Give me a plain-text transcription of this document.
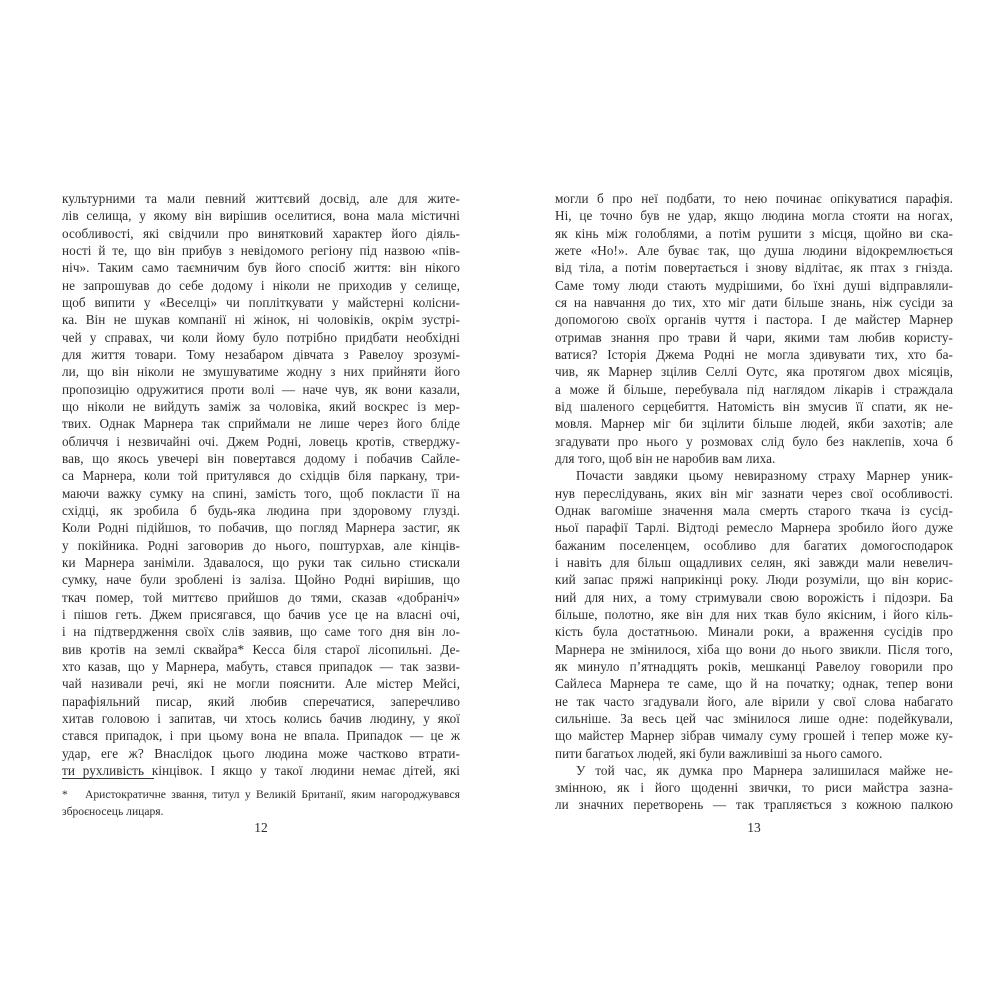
культурними та мали певний життєвий досвід, але для жите-
лів селища, у якому він вирішив оселитися, вона мала містичні
особливості, які свідчили про винятковий характер його діяль-
ності й те, що він прибув з невідомого регіону під назвою «пів-
ніч». Таким само таємничим був його спосіб життя: він нікого
не запрошував до себе додому і ніколи не приходив у селище,
щоб випити у «Веселці» чи попліткувати у майстерні колісни-
ка. Він не шукав компанії ні жінок, ні чоловіків, окрім зустрі-
чей у справах, чи коли йому було потрібно придбати необхідні
для життя товари. Тому незабаром дівчата з Равелоу зрозумі-
ли, що він ніколи не змушуватиме жодну з них прийняти його
пропозицію одружитися проти волі — наче чув, як вони казали,
що ніколи не вийдуть заміж за чоловіка, який воскрес із мер-
твих. Однак Марнера так сприймали не лише через його бліде
обличчя і незвичайні очі. Джем Родні, ловець кротів, стверджу-
вав, що якось увечері він повертався додому і побачив Сайле-
са Марнера, коли той притулявся до східців біля паркану, три-
маючи важку сумку на спині, замість того, щоб покласти її на
східці, як зробила б будь-яка людина при здоровому глузді.
Коли Родні підійшов, то побачив, що погляд Марнера застиг, як
у покійника. Родні заговорив до нього, поштурхав, але кінців-
ки Марнера заніміли. Здавалося, що руки так сильно стискали
сумку, наче були зроблені із заліза. Щойно Родні вирішив, що
ткач помер, той миттєво прийшов до тями, сказав «добраніч»
і пішов геть. Джем присягався, що бачив усе це на власні очі,
і на підтвердження своїх слів заявив, що саме того дня він ло-
вив кротів на землі сквайра* Кесса біля старої лісопильні. Де-
хто казав, що у Марнера, мабуть, стався припадок — так зазви-
чай називали речі, які не могли пояснити. Але містер Мейсі,
парафіяльний писар, який любив сперечатися, заперечливо
хитав головою і запитав, чи хтось колись бачив людину, у якої
стався припадок, і при цьому вона не впала. Припадок — це ж
удар, еге ж? Внаслідок цього людина може частково втрати-
ти рухливість кінцівок. І якщо у такої людини немає дітей, які

* Аристократичне звання, титул у Великій Британії, яким нагороджувався зброєносець лицаря.

12
могли б про неї подбати, то нею починає опікуватися парафія.
Ні, це точно був не удар, якщо людина могла стояти на ногах,
як кінь між голоблями, а потім рушити з місця, щойно ви ска-
жете «Но!». Але буває так, що душа людини відокремлюється
від тіла, а потім повертається і знову відлітає, як птах з гнізда.
Саме тому люди стають мудрішими, бо їхні душі відправляли-
ся на навчання до тих, хто міг дати більше знань, ніж сусіди за
допомогою своїх органів чуття і пастора. І де майстер Марнер
отримав знання про трави й чари, якими там любив користу-
ватися? Історія Джема Родні не могла здивувати тих, хто ба-
чив, як Марнер зцілив Селлі Оутс, яка протягом двох місяців,
а може й більше, перебувала під наглядом лікарів і страждала
від шаленого серцебиття. Натомість він змусив її спати, як не-
мовля. Марнер міг би зцілити більше людей, якби захотів; але
згадувати про нього у розмовах слід було без наклепів, хоча б
для того, щоб він не наробив вам лиха.
Почасти завдяки цьому невиразному страху Марнер уник-
нув переслідувань, яких він міг зазнати через свої особливості.
Однак вагоміше значення мала смерть старого ткача із сусід-
ньої парафії Тарлі. Відтоді ремесло Марнера зробило його дуже
бажаним поселенцем, особливо для багатих домогосподарок
і навіть для більш ощадливих селян, які завжди мали невелич-
кий запас пряжі наприкінці року. Люди розуміли, що він корис-
ний для них, а тому стримували свою ворожість і підозри. Ба
більше, полотно, яке він для них ткав було якісним, і його кіль-
кість була достатньою. Минали роки, а враження сусідів про
Марнера не змінилося, хіба що вони до нього звикли. Після того,
як минуло п’ятнадцять років, мешканці Равелоу говорили про
Сайлеса Марнера те саме, що й на початку; однак, тепер вони
не так часто згадували його, але вірили у свої слова набагато
сильніше. За весь цей час змінилося лише одне: подейкували,
що майстер Марнер зібрав чималу суму грошей і тепер може ку-
пити багатьох людей, які були важливіші за нього самого.
У той час, як думка про Марнера залишилася майже не-
змінною, як і його щоденні звички, то риси майстра зазна-
ли значних перетворень — так трапляється з кожною палкою
13
